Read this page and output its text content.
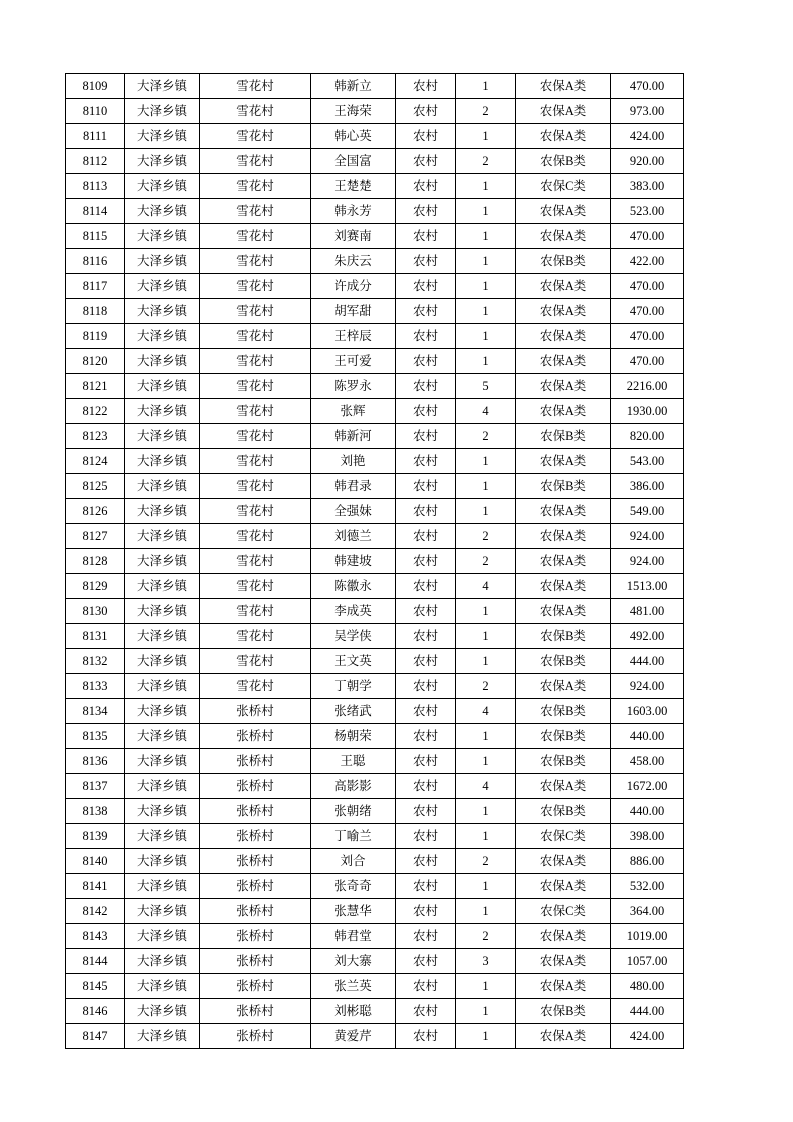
8109	大泽乡镇	雪花村	韩新立	农村	1	农保A类	470.00
8110	大泽乡镇	雪花村	王海荣	农村	2	农保A类	973.00
8111	大泽乡镇	雪花村	韩心英	农村	1	农保A类	424.00
8112	大泽乡镇	雪花村	全国富	农村	2	农保B类	920.00
8113	大泽乡镇	雪花村	王楚楚	农村	1	农保C类	383.00
8114	大泽乡镇	雪花村	韩永芳	农村	1	农保A类	523.00
8115	大泽乡镇	雪花村	刘赛南	农村	1	农保A类	470.00
8116	大泽乡镇	雪花村	朱庆云	农村	1	农保B类	422.00
8117	大泽乡镇	雪花村	许成分	农村	1	农保A类	470.00
8118	大泽乡镇	雪花村	胡军甜	农村	1	农保A类	470.00
8119	大泽乡镇	雪花村	王梓辰	农村	1	农保A类	470.00
8120	大泽乡镇	雪花村	王可爱	农村	1	农保A类	470.00
8121	大泽乡镇	雪花村	陈罗永	农村	5	农保A类	2216.00
8122	大泽乡镇	雪花村	张辉	农村	4	农保A类	1930.00
8123	大泽乡镇	雪花村	韩新河	农村	2	农保B类	820.00
8124	大泽乡镇	雪花村	刘艳	农村	1	农保A类	543.00
8125	大泽乡镇	雪花村	韩君录	农村	1	农保B类	386.00
8126	大泽乡镇	雪花村	全强妹	农村	1	农保A类	549.00
8127	大泽乡镇	雪花村	刘德兰	农村	2	农保A类	924.00
8128	大泽乡镇	雪花村	韩建坡	农村	2	农保A类	924.00
8129	大泽乡镇	雪花村	陈徽永	农村	4	农保A类	1513.00
8130	大泽乡镇	雪花村	李成英	农村	1	农保A类	481.00
8131	大泽乡镇	雪花村	吴学侠	农村	1	农保B类	492.00
8132	大泽乡镇	雪花村	王文英	农村	1	农保B类	444.00
8133	大泽乡镇	雪花村	丁朝学	农村	2	农保A类	924.00
8134	大泽乡镇	张桥村	张绪武	农村	4	农保B类	1603.00
8135	大泽乡镇	张桥村	杨朝荣	农村	1	农保B类	440.00
8136	大泽乡镇	张桥村	王聪	农村	1	农保B类	458.00
8137	大泽乡镇	张桥村	高影影	农村	4	农保A类	1672.00
8138	大泽乡镇	张桥村	张朝绪	农村	1	农保B类	440.00
8139	大泽乡镇	张桥村	丁喻兰	农村	1	农保C类	398.00
8140	大泽乡镇	张桥村	刘合	农村	2	农保A类	886.00
8141	大泽乡镇	张桥村	张奇奇	农村	1	农保A类	532.00
8142	大泽乡镇	张桥村	张慧华	农村	1	农保C类	364.00
8143	大泽乡镇	张桥村	韩君堂	农村	2	农保A类	1019.00
8144	大泽乡镇	张桥村	刘大寨	农村	3	农保A类	1057.00
8145	大泽乡镇	张桥村	张兰英	农村	1	农保A类	480.00
8146	大泽乡镇	张桥村	刘彬聪	农村	1	农保B类	444.00
8147	大泽乡镇	张桥村	黄爱芹	农村	1	农保A类	424.00
